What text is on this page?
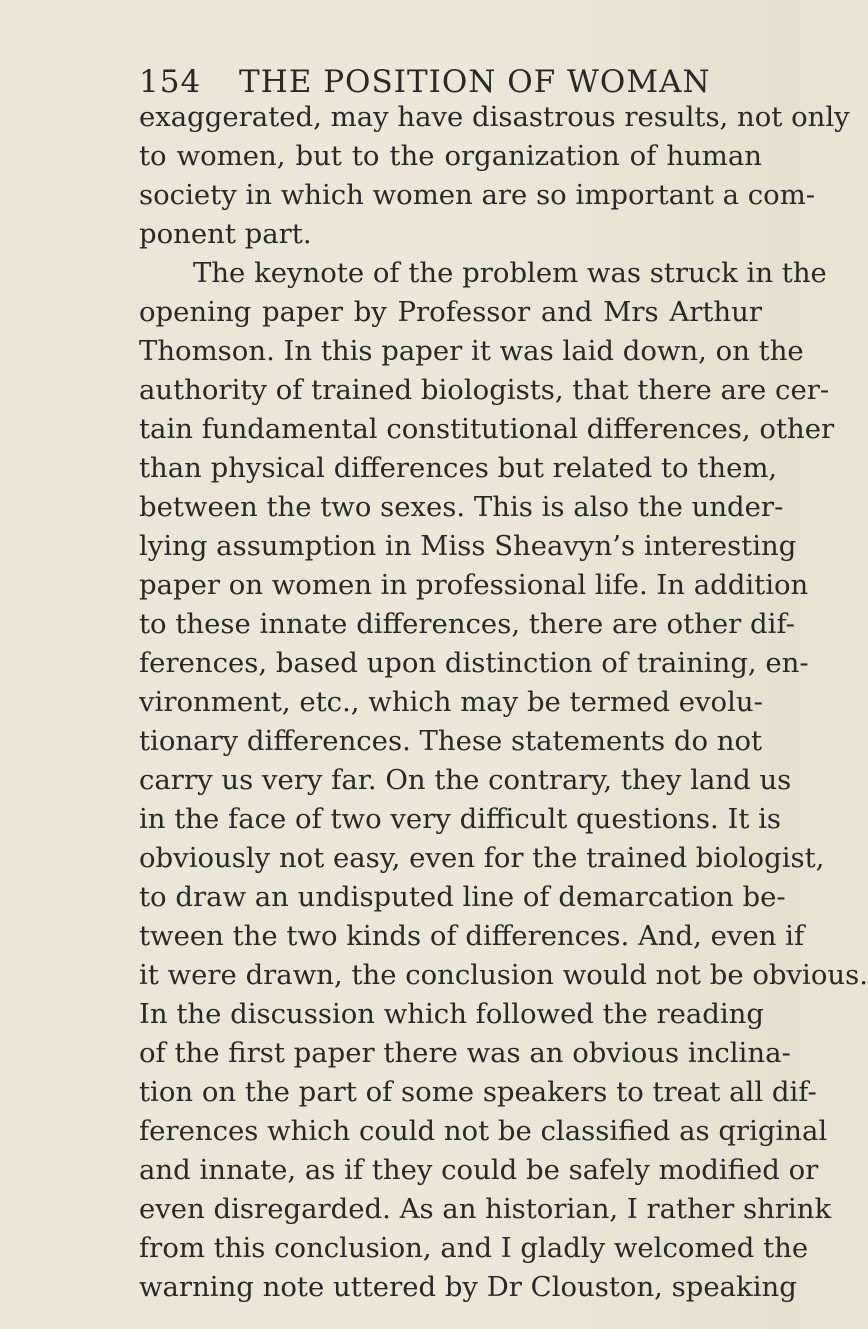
154 THE POSITION OF WOMAN
exaggerated, may have disastrous results, not only
to women, but to the organization of human
society in which women are so important a com-
ponent part.
The keynote of the problem was struck in the
opening paper by Professor and Mrs Arthur
Thomson. In this paper it was laid down, on the
authority of trained biologists, that there are cer-
tain fundamental constitutional differences, other
than physical differences but related to them,
between the two sexes. This is also the under-
lying assumption in Miss Sheavyn’s interesting
paper on women in professional life. In addition
to these innate differences, there are other dif-
ferences, based upon distinction of training, en-
vironment, etc., which may be termed evolu-
tionary differences. These statements do not
carry us very far. On the contrary, they land us
in the face of two very difficult questions. It is
obviously not easy, even for the trained biologist,
to draw an undisputed line of demarcation be-
tween the two kinds of differences. And, even if
it were drawn, the conclusion would not be obvious.
In the discussion which followed the reading
of the first paper there was an obvious inclina-
tion on the part of some speakers to treat all dif-
ferences which could not be classified as qriginal
and innate, as if they could be safely modified or
even disregarded. As an historian, I rather shrink
from this conclusion, and I gladly welcomed the
warning note uttered by Dr Clouston, speaking
